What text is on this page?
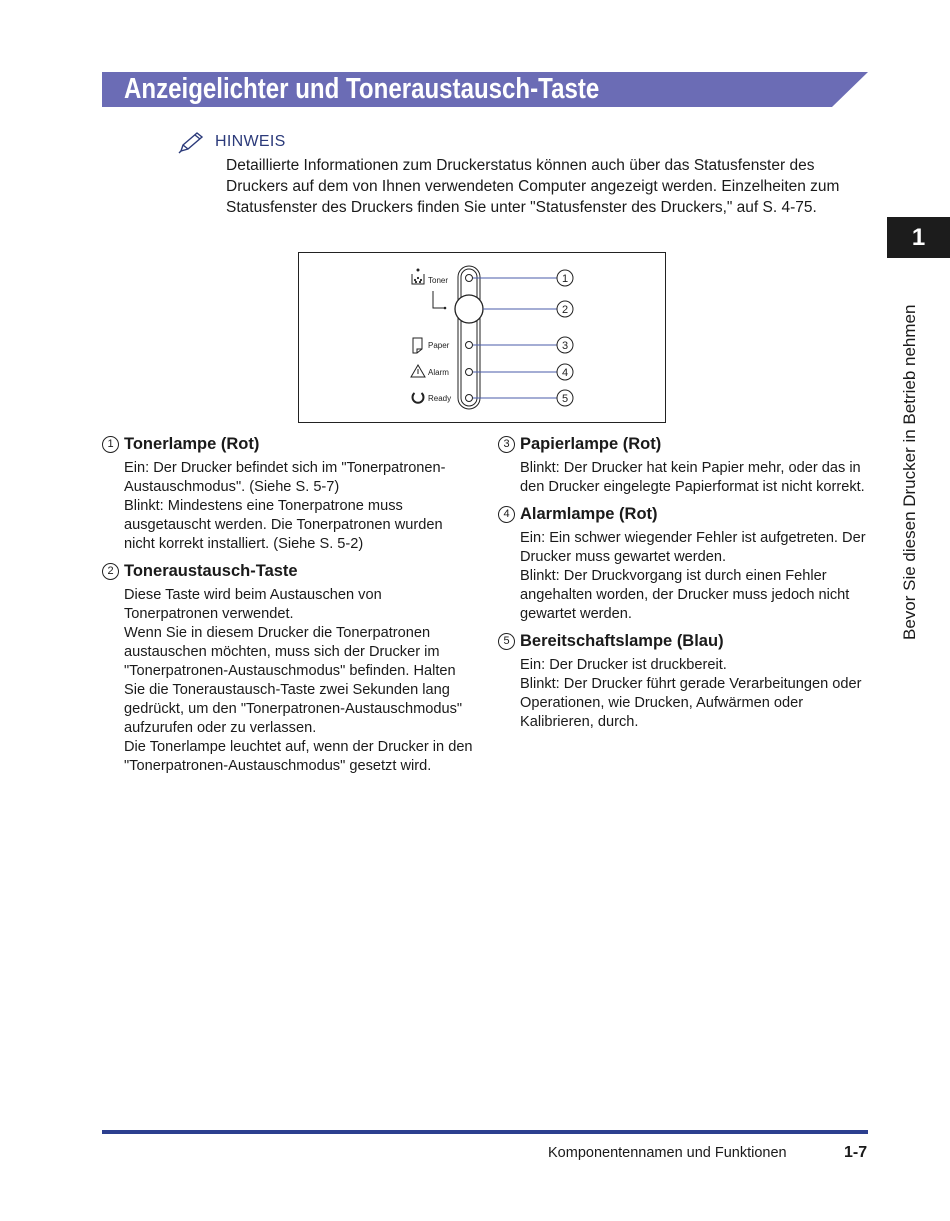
Anzeigelichter und Toneraustausch-Taste
HINWEIS

Detaillierte Informationen zum Druckerstatus können auch über das Statusfenster des Druckers auf dem von Ihnen verwendeten Computer angezeigt werden. Einzelheiten zum Statusfenster des Druckers finden Sie unter "Statusfenster des Druckers," auf S. 4-75.

1
2
3
4
5
Toner
Paper
Alarm
Ready
1
Bevor Sie diesen Drucker in Betrieb nehmen
1 Tonerlampe (Rot)

Ein: Der Drucker befindet sich im "Tonerpatronen-Austauschmodus". (Siehe S. 5-7)

Blinkt: Mindestens eine Tonerpatrone muss ausgetauscht werden. Die Tonerpatronen wurden nicht korrekt installiert. (Siehe S. 5-2)

2 Toneraustausch-Taste

Diese Taste wird beim Austauschen von Tonerpatronen verwendet.

Wenn Sie in diesem Drucker die Tonerpatronen austauschen möchten, muss sich der Drucker im "Tonerpatronen-Austauschmodus" befinden. Halten Sie die Toneraustausch-Taste zwei Sekunden lang gedrückt, um den "Tonerpatronen-Austauschmodus" aufzurufen oder zu verlassen.

Die Tonerlampe leuchtet auf, wenn der Drucker in den "Tonerpatronen-Austauschmodus" gesetzt wird.

3 Papierlampe (Rot)

Blinkt: Der Drucker hat kein Papier mehr, oder das in den Drucker eingelegte Papierformat ist nicht korrekt.

4 Alarmlampe (Rot)

Ein: Ein schwer wiegender Fehler ist aufgetreten. Der Drucker muss gewartet werden.

Blinkt: Der Druckvorgang ist durch einen Fehler angehalten worden, der Drucker muss jedoch nicht gewartet werden.

5 Bereitschaftslampe (Blau)

Ein: Der Drucker ist druckbereit.

Blinkt: Der Drucker führt gerade Verarbeitungen oder Operationen, wie Drucken, Aufwärmen oder Kalibrieren, durch.

Komponentennamen und Funktionen	1-7
